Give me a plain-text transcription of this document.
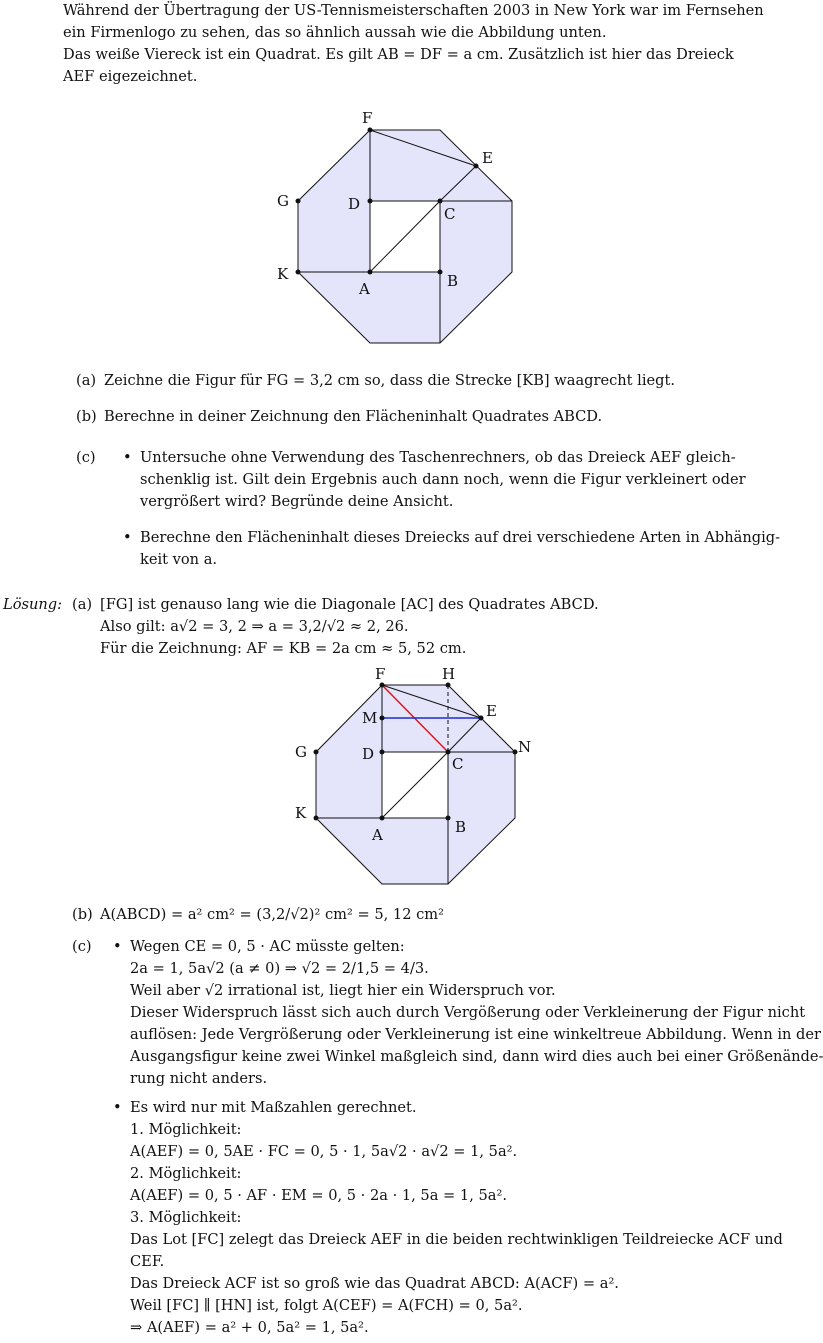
Während der Übertragung der US-Tennismeisterschaften 2003 in New York war im Fernsehen
ein Firmenlogo zu sehen, das so ähnlich aussah wie die Abbildung unten.
Das weiße Viereck ist ein Quadrat. Es gilt AB = DF = a cm. Zusätzlich ist hier das Dreieck
AEF eigezeichnet.
F
E
G	D
C
K
A	B
(a) Zeichne die Figur für FG = 3,2 cm so, dass die Strecke [KB] waagrecht liegt.
(b) Berechne in deiner Zeichnung den Flächeninhalt Quadrates ABCD.
(c)	• Untersuche ohne Verwendung des Taschenrechners, ob das Dreieck AEF gleich-
schenklig ist. Gilt dein Ergebnis auch dann noch, wenn die Figur verkleinert oder
vergrößert wird? Begründe deine Ansicht.
• Berechne den Flächeninhalt dieses Dreiecks auf drei verschiedene Arten in Abhängig-
keit von a.
Lösung: (a) [FG] ist genauso lang wie die Diagonale [AC] des Quadrates ABCD.
Also gilt: a√2 = 3, 2 ⇒ a = 3,2/√2 ≈ 2, 26.
Für die Zeichnung: AF = KB = 2a cm ≈ 5, 52 cm.
F	H
E
M
G	D
C
N
K
A	B
(b) A(ABCD) = a² cm² = (3,2/√2)² cm² = 5, 12 cm²
(c)	• Wegen CE = 0, 5 · AC müsste gelten:
2a = 1, 5a√2 (a ≠ 0) ⇒ √2 = 2/1,5 = 4/3.
Weil aber √2 irrational ist, liegt hier ein Widerspruch vor.
Dieser Widerspruch lässt sich auch durch Vergößerung oder Verkleinerung der Figur nicht
auflösen: Jede Vergrößerung oder Verkleinerung ist eine winkeltreue Abbildung. Wenn in der
Ausgangsfigur keine zwei Winkel maßgleich sind, dann wird dies auch bei einer Größenände-
rung nicht anders.
• Es wird nur mit Maßzahlen gerechnet.
1. Möglichkeit:
A(AEF) = 0, 5AE · FC = 0, 5 · 1, 5a√2 · a√2 = 1, 5a².
2. Möglichkeit:
A(AEF) = 0, 5 · AF · EM = 0, 5 · 2a · 1, 5a = 1, 5a².
3. Möglichkeit:
Das Lot [FC] zelegt das Dreieck AEF in die beiden rechtwinkligen Teildreiecke ACF und
CEF.
Das Dreieck ACF ist so groß wie das Quadrat ABCD: A(ACF) = a².
Weil [FC] ∥ [HN] ist, folgt A(CEF) = A(FCH) = 0, 5a².
⇒ A(AEF) = a² + 0, 5a² = 1, 5a².
